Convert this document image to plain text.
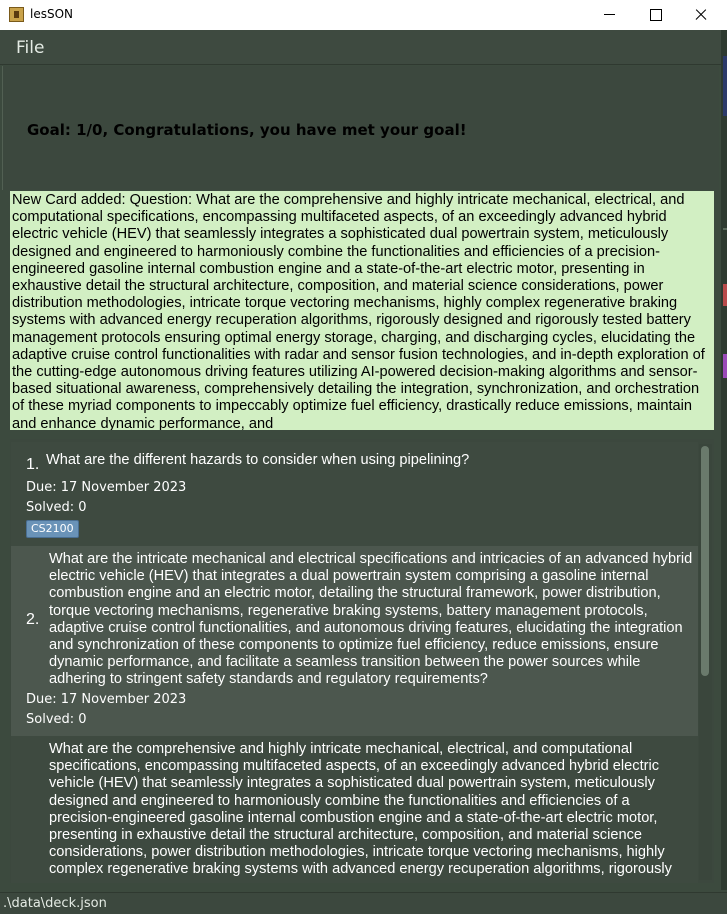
lesSON
File
Goal: 1/0, Congratulations, you have met your goal!
New Card added: Question: What are the comprehensive and highly intricate mechanical, electrical, and computational specifications, encompassing multifaceted aspects, of an exceedingly advanced hybrid electric vehicle (HEV) that seamlessly integrates a sophisticated dual powertrain system, meticulously designed and engineered to harmoniously combine the functionalities and efficiencies of a precision-engineered gasoline internal combustion engine and a state-of-the-art electric motor, presenting in exhaustive detail the structural architecture, composition, and material science considerations, power distribution methodologies, intricate torque vectoring mechanisms, highly complex regenerative braking systems with advanced energy recuperation algorithms, rigorously designed and rigorously tested battery management protocols ensuring optimal energy storage, charging, and discharging cycles, elucidating the adaptive cruise control functionalities with radar and sensor fusion technologies, and in-depth exploration of the cutting-edge autonomous driving features utilizing AI-powered decision-making algorithms and sensor-based situational awareness, comprehensively detailing the integration, synchronization, and orchestration of these myriad components to impeccably optimize fuel efficiency, drastically reduce emissions, maintain and enhance dynamic performance, and
1. What are the different hazards to consider when using pipelining?
Due: 17 November 2023
Solved: 0
CS2100
2.
What are the intricate mechanical and electrical specifications and intricacies of an advanced hybrid electric vehicle (HEV) that integrates a dual powertrain system comprising a gasoline internal combustion engine and an electric motor, detailing the structural framework, power distribution, torque vectoring mechanisms, regenerative braking systems, battery management protocols, adaptive cruise control functionalities, and autonomous driving features, elucidating the integration and synchronization of these components to optimize fuel efficiency, reduce emissions, ensure dynamic performance, and facilitate a seamless transition between the power sources while adhering to stringent safety standards and regulatory requirements?
Due: 17 November 2023
Solved: 0
What are the comprehensive and highly intricate mechanical, electrical, and computational specifications, encompassing multifaceted aspects, of an exceedingly advanced hybrid electric vehicle (HEV) that seamlessly integrates a sophisticated dual powertrain system, meticulously designed and engineered to harmoniously combine the functionalities and efficiencies of a precision-engineered gasoline internal combustion engine and a state-of-the-art electric motor, presenting in exhaustive detail the structural architecture, composition, and material science considerations, power distribution methodologies, intricate torque vectoring mechanisms, highly complex regenerative braking systems with advanced energy recuperation algorithms, rigorously
.\data\deck.json
